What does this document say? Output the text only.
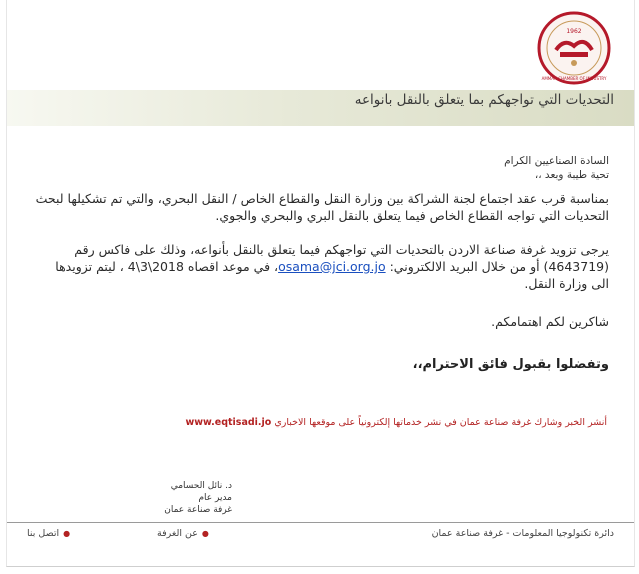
AMMAN CHAMBER OF INDUSTRY
1962
التحديات التي تواجهكم بما يتعلق بالنقل بانواعه
السادة الصناعيين الكرام
تحية طيبة وبعد ،،
بمناسبة قرب عقد اجتماع لجنة الشراكة بين وزارة النقل والقطاع الخاص / النقل البحري، والتي تم تشكيلها لبحث التحديات التي تواجه القطاع الخاص فيما يتعلق بالنقل البري والبحري والجوي.
يرجى تزويد غرفة صناعة الاردن بالتحديات التي تواجهكم فيما يتعلق بالنقل بأنواعه، وذلك على فاكس رقم (4643719) أو من خلال البريد الالكتروني: osama@jci.org.jo، في موعد اقصاه 2018\3\4 ، ليتم تزويدها الى وزارة النقل.
شاكرين لكم اهتمامكم.
وتفضلوا بقبول فائق الاحترام،،
أنشر الخبر وشارك غرفة صناعة عمان في نشر خدماتها إلكترونياً على موقعها الاخباري www.eqtisadi.jo
د. نائل الحسامي
مدير عام
غرفة صناعة عمان
دائرة تكنولوجيا المعلومات - غرفة صناعة عمان
●عن الغرفة
●اتصل بنا
